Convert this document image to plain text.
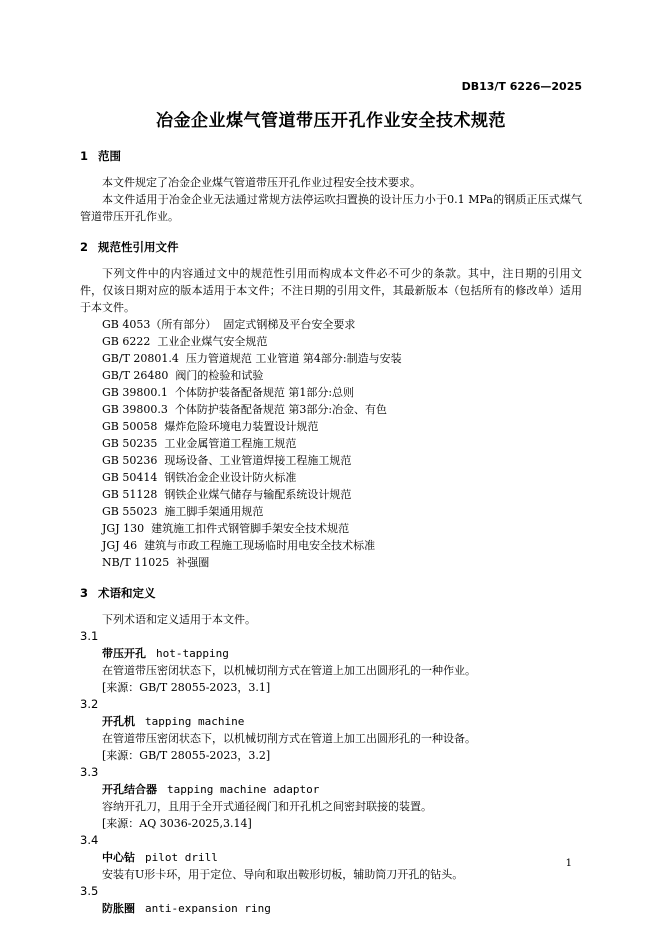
DB13/T 6226—2025
冶金企业煤气管道带压开孔作业安全技术规范

1 范围

本文件规定了冶金企业煤气管道带压开孔作业过程安全技术要求。

本文件适用于冶金企业无法通过常规方法停运吹扫置换的设计压力小于0.1 MPa的钢质正压式煤气管道带压开孔作业。

2 规范性引用文件

下列文件中的内容通过文中的规范性引用而构成本文件必不可少的条款。其中，注日期的引用文件，仅该日期对应的版本适用于本文件；不注日期的引用文件，其最新版本（包括所有的修改单）适用于本文件。

GB 4053（所有部分）  固定式钢梯及平台安全要求

GB 6222  工业企业煤气安全规范

GB/T 20801.4  压力管道规范 工业管道 第4部分:制造与安装

GB/T 26480  阀门的检验和试验

GB 39800.1  个体防护装备配备规范 第1部分:总则

GB 39800.3  个体防护装备配备规范 第3部分:冶金、有色

GB 50058  爆炸危险环境电力装置设计规范

GB 50235  工业金属管道工程施工规范

GB 50236  现场设备、工业管道焊接工程施工规范

GB 50414  钢铁冶金企业设计防火标准

GB 51128  钢铁企业煤气储存与输配系统设计规范

GB 55023  施工脚手架通用规范

JGJ 130  建筑施工扣件式钢管脚手架安全技术规范

JGJ 46  建筑与市政工程施工现场临时用电安全技术标准

NB/T 11025  补强圈

3 术语和定义

下列术语和定义适用于本文件。

3.1

带压开孔 hot-tapping

在管道带压密闭状态下，以机械切削方式在管道上加工出圆形孔的一种作业。

[来源：GB/T 28055-2023，3.1]

3.2

开孔机 tapping machine

在管道带压密闭状态下，以机械切削方式在管道上加工出圆形孔的一种设备。

[来源：GB/T 28055-2023，3.2]

3.3

开孔结合器 tapping machine adaptor

容纳开孔刀，且用于全开式通径阀门和开孔机之间密封联接的装置。

[来源：AQ 3036-2025,3.14]

3.4

中心钻 pilot drill

安装有U形卡环，用于定位、导向和取出鞍形切板，辅助筒刀开孔的钻头。

3.5

防胀圈 anti-expansion ring

1
